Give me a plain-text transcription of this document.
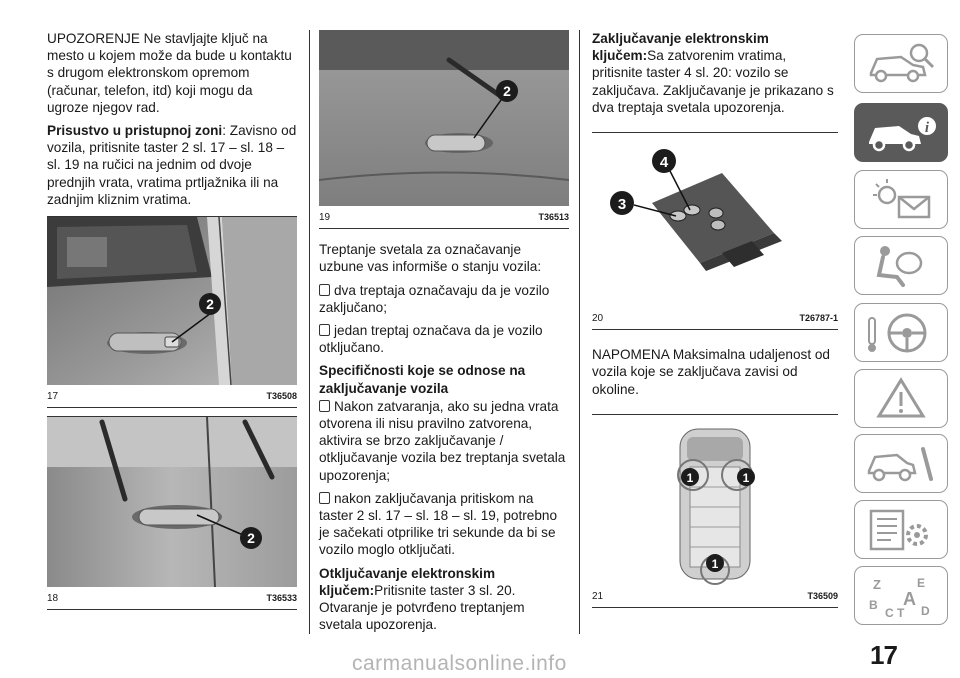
UPOZORENJE Ne stavljajte ključ na mesto u kojem može da bude u kontaktu s drugom elektronskom opremom (računar, telefon, itd) koji mogu da ugroze njegov rad.

Prisustvo u pristupnoj zoni: Zavisno od vozila, pritisnite taster 2 sl. 17 – sl. 18 – sl. 19 na ručici na jednim od dvoje prednjih vrata, vratima prtljažnika ili na zadnjim kliznim vratima.

2
17	T36508
2
18	T36533
2
19	T36513

Treptanje svetala za označavanje uzbune vas informiše o stanju vozila:

dva treptaja označavaju da je vozilo zaključano;

jedan treptaj označava da je vozilo otključano.

Specifičnosti koje se odnose na zaključavanje vozila

Nakon zatvaranja, ako su jedna vrata otvorena ili nisu pravilno zatvorena, aktivira se brzo zaključavanje / otključavanje vozila bez treptanja svetala upozorenja;

nakon zaključavanja pritiskom na taster 2 sl. 17 – sl. 18 – sl. 19, potrebno je sačekati otprilike tri sekunde da bi se vozilo moglo otključati.

Otključavanje elektronskim ključem:Pritisnite taster 3 sl. 20. Otvaranje je potvrđeno treptanjem svetala upozorenja.

Zaključavanje elektronskim ključem:Sa zatvorenim vratima, pritisnite taster 4 sl. 20: vozilo se zaključava. Zaključavanje je prikazano s dva treptaja svetala upozorenja.

4
3
20	T26787-1

NAPOMENA Maksimalna udaljenost od vozila koje se zaključava zavisi od okoline.

1	1
1
21	T36509
i
Z	E
B A
C T D
17
carmanualsonline.info
